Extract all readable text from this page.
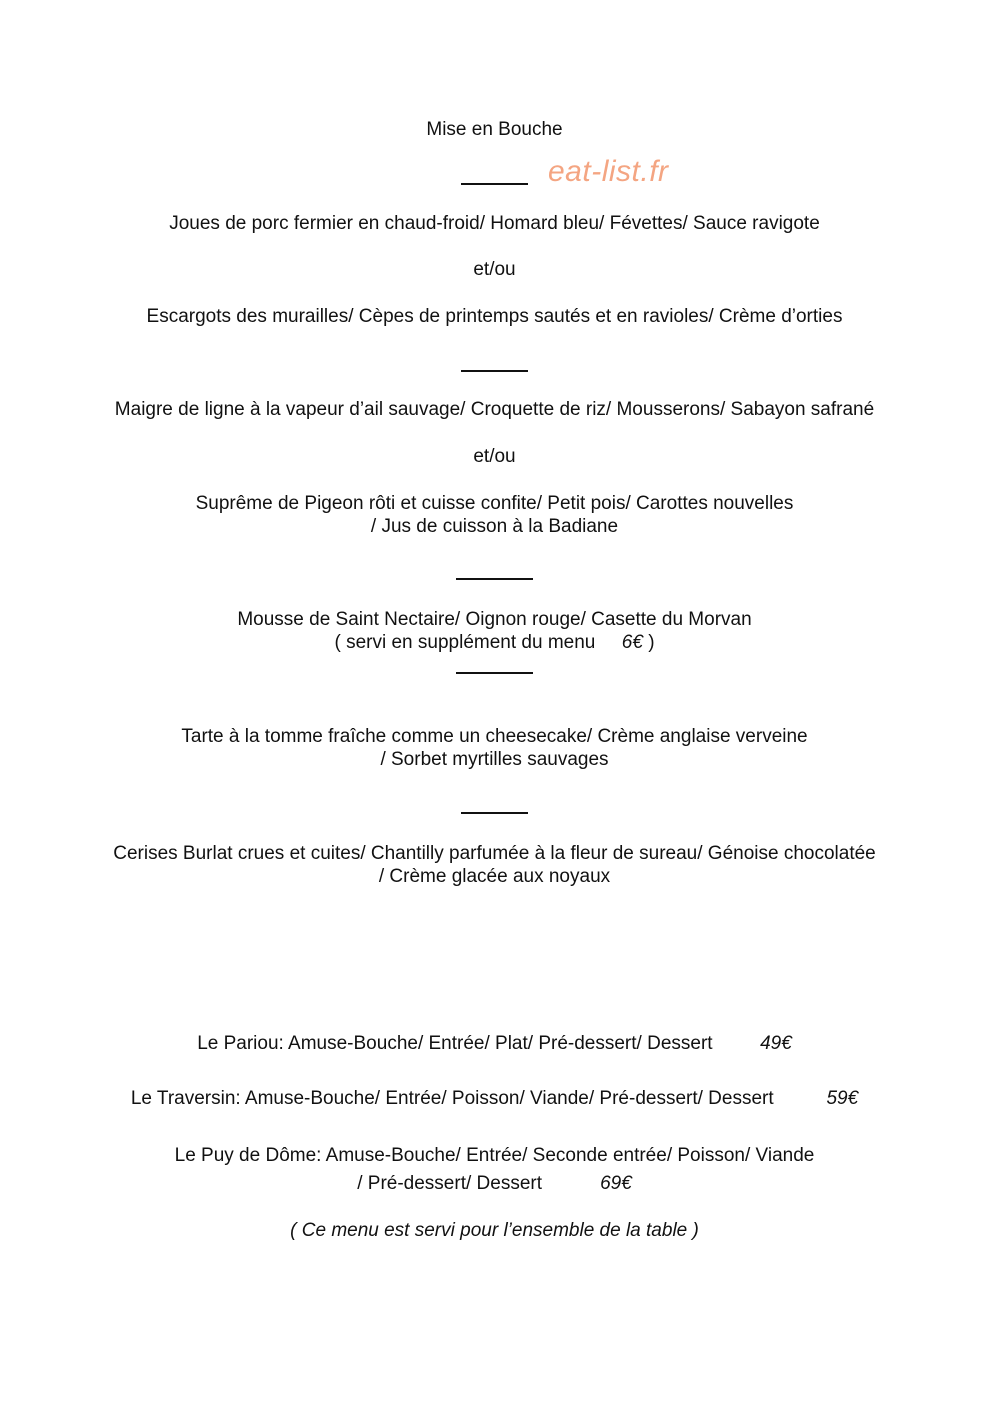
Mise en Bouche
eat-list.fr
Joues de porc fermier en chaud-froid/ Homard bleu/ Févettes/ Sauce ravigote
et/ou
Escargots des murailles/ Cèpes de printemps sautés et en ravioles/ Crème d’orties
Maigre de ligne à la vapeur d’ail sauvage/ Croquette de riz/ Mousserons/ Sabayon safrané
et/ou
Suprême de Pigeon rôti et cuisse confite/ Petit pois/ Carottes nouvelles
/ Jus de cuisson à la Badiane
Mousse de Saint Nectaire/ Oignon rouge/ Casette du Morvan
( servi en supplément du menu 6€ )
Tarte à la tomme fraîche comme un cheesecake/ Crème anglaise verveine
/ Sorbet myrtilles sauvages
Cerises Burlat crues et cuites/ Chantilly parfumée à la fleur de sureau/ Génoise chocolatée
/ Crème glacée aux noyaux
Le Pariou: Amuse-Bouche/ Entrée/ Plat/ Pré-dessert/ Dessert	49€
Le Traversin: Amuse-Bouche/ Entrée/ Poisson/ Viande/ Pré-dessert/ Dessert	59€
Le Puy de Dôme: Amuse-Bouche/ Entrée/ Seconde entrée/ Poisson/ Viande
/ Pré-dessert/ Dessert	69€
( Ce menu est servi pour l’ensemble de la table )
